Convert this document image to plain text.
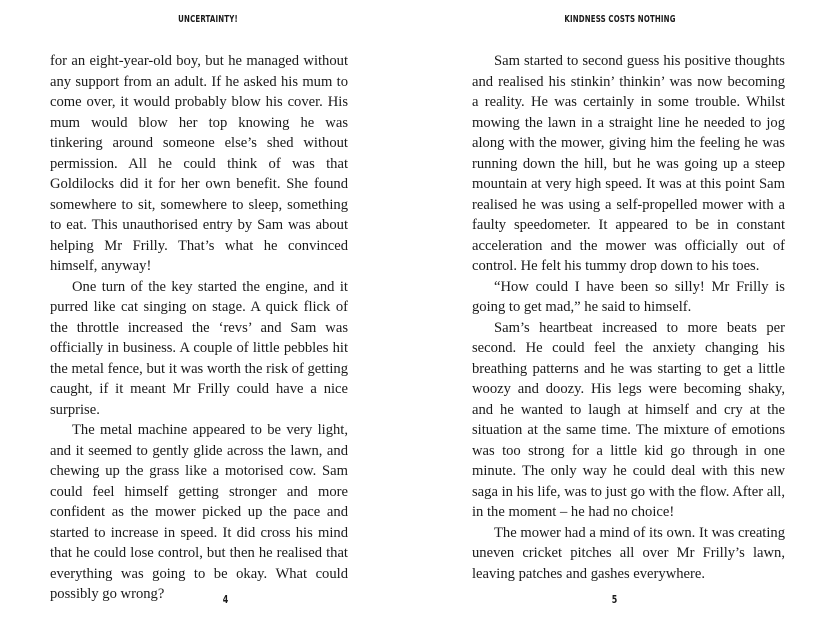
UNCERTAINTY!

for an eight-year-old boy, but he managed without any support from an adult. If he asked his mum to come over, it would probably blow his cover. His mum would blow her top knowing he was tinkering around someone else’s shed without permission. All he could think of was that Goldilocks did it for her own benefit. She found somewhere to sit, somewhere to sleep, something to eat. This unauthorised entry by Sam was about helping Mr Frilly. That’s what he convinced himself, anyway!

One turn of the key started the engine, and it purred like cat singing on stage. A quick flick of the throttle increased the ‘revs’ and Sam was officially in business. A couple of little pebbles hit the metal fence, but it was worth the risk of getting caught, if it meant Mr Frilly could have a nice surprise.

The metal machine appeared to be very light, and it seemed to gently glide across the lawn, and chewing up the grass like a motorised cow. Sam could feel himself getting stronger and more confident as the mower picked up the pace and started to increase in speed. It did cross his mind that he could lose control, but then he realised that everything was going to be okay. What could possibly go wrong?	4
KINDNESS COSTS NOTHING

Sam started to second guess his positive thoughts and realised his stinkin’ thinkin’ was now becoming a reality. He was certainly in some trouble. Whilst mowing the lawn in a straight line he needed to jog along with the mower, giving him the feeling he was running down the hill, but he was going up a steep mountain at very high speed. It was at this point Sam realised he was using a self-propelled mower with a faulty speedometer. It appeared to be in constant acceleration and the mower was officially out of control. He felt his tummy drop down to his toes.

“How could I have been so silly! Mr Frilly is going to get mad,” he said to himself.

Sam’s heartbeat increased to more beats per second. He could feel the anxiety changing his breathing patterns and he was starting to get a little woozy and doozy. His legs were becoming shaky, and he wanted to laugh at himself and cry at the situation at the same time. The mixture of emotions was too strong for a little kid go through in one minute. The only way he could deal with this new saga in his life, was to just go with the flow. After all, in the moment – he had no choice!

The mower had a mind of its own. It was creating uneven cricket pitches all over Mr Frilly’s lawn, leaving patches and gashes everywhere.

5
